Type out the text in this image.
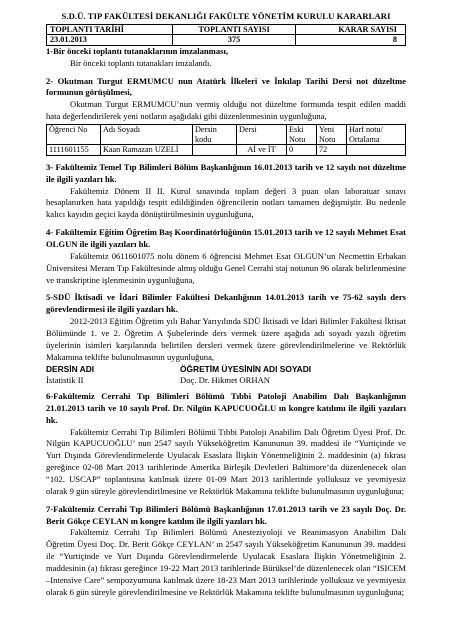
S.D.Ü. TIP FAKÜLTESİ DEKANLIĞI FAKÜLTE YÖNETİM KURULU KARARLARI
TOPLANTI TARİHİ	TOPLANTI SAYISI	KARAR SAYISI
23.01.2013	375	8

1-Bir önceki toplantı tutanaklarının imzalanması,

Bir önceki toplantı tutanakları imzalandı.

2- Okutman Turgut ERMUMCU nun Atatürk İlkeleri ve İnkılap Tarihi Dersi not düzeltme formunun görüşülmesi,

Okutman Turgut ERMUMCU’nun vermiş olduğu not düzeltme formunda tespit edilen maddi hata değerlendirilerek yeni notların aşağıdaki gibi düzenlenmesinin uygunluğuna,

Öğrenci No	Adı Soyadı	Dersin kodu	Dersi	Eski Notu	Yeni Notu	Harf notu/ Ortalama
1111601155	Kaan Ramazan UZELİ		Aİ ve İT	0	72	

3- Fakültemiz Temel Tıp Bilimleri Bölüm Başkanlığının 16.01.2013 tarih ve 12 sayılı not düzeltme ile ilgili yazıları hk.

Fakültemiz Dönem II II. Kurul sınavında toplam değeri 3 puan olan laboratuar sınavı hesaplanırken hata yapıldığı tespit edildiğinden öğrencilerin notları tamamen değişmiştir. Bu nedenle kalıcı kayıdın geçici kayda dönüştürülmesinin uygunluğuna,

4- Fakültemiz Eğitim Öğretim Baş Koordinatörlüğünün 15.01.2013 tarih ve 12 sayılı Mehmet Esat OLGUN ile ilgili yazıları hk.

Fakültemiz 0611601075 nolu dönem 6 öğrencisi Mehmet Esat OLGUN’un Necmettin Erbakan Üniversitesi Meram Tıp Fakültesinde almış olduğu Genel Cerrahi staj notunun 96 olarak belirlenmesine ve transkriptine işlenmesinin uygunluğuna,

5-SDÜ İktisadi ve İdari Bilimler Fakültesi Dekanlığının 14.01.2013 tarih ve 75-62 sayılı ders görevlendirmesi ile ilgili yazıları hk.

2012-2013 Eğitim Öğretim yılı Bahar Yarıyılında SDÜ İktisadi ve İdari Bilimler Fakültesi İktisat Bölümünde 1. ve 2. Öğretim A Şubelerinde ders vermek üzere aşağıda adı soyadı yazılı öğretim üyelerinin isimleri karşılarında belirtilen dersleri vermek üzere görevlendirilmelerine ve Rektörlük Makamına teklifte bulunulmasının uygunluğuna,

DERSİN ADI	ÖĞRETİM ÜYESİNİN ADI SOYADI
İstatistik II	Doç. Dr. Hikmet ORHAN

6-Fakültemiz Cerrahi Tıp Bilimleri Bölümü Tıbbi Patoloji Anabilim Dalı Başkanlığının 21.01.2013 tarih ve 10 sayılı Prof. Dr. Nilgün KAPUCUOĞLU ın kongre katılımı ile ilgili yazıları hk.

Fakültemiz Cerrahi Tıp Bilimleri Bölümü Tıbbi Patoloji Anabilim Dalı Öğretim Üyesi Prof. Dr. Nilgün KAPUCUOĞLU’ nun 2547 sayılı Yükseköğretim Kanununun 39. maddesi ile “Yurtiçinde ve Yurt Dışında Görevlendirmelerde Uyulacak Esaslara İlişkin Yönetmeliğinin 2. maddesinin (a) fıkrası gereğince 02-08 Mart 2013 tarihlerinde Amerika Birleşik Devletleri Baltimore’da düzenlenecek olan “102. USCAP” toplantısına katılmak üzere 01-09 Mart 2013 tarihlerinde yolluksuz ve yevmiyesiz olarak 9 gün süreyle görevlendirilmesine ve Rektörlük Makamına teklifte bulunulmasının uygunluğuna;

7-Fakültemiz Cerrahi Tıp Bilimleri Bölümü Başkanlığının 17.01.2013 tarih ve 23 sayılı Doç. Dr. Berit Gökçe CEYLAN ın kongre katılım ile ilgili yazıları hk.

Fakültemiz Cerrahi Tıp Bilimleri Bölümü Anesteziyoloji ve Reanimasyon Anabilim Dalı Öğretim Üyesi Doç. Dr. Berit Gökçe CEYLAN’ ın 2547 sayılı Yükseköğretim Kanununun 39. maddesi ile “Yurtiçinde ve Yurt Dışında Görevlendirmelerde Uyulacak Esaslara İlişkin Yönetmeliğinin 2. maddesinin (a) fıkrası gereğince 19-22 Mart 2013 tarihlerinde Bürüksel’de düzenlenecek olan “ISICEM –Intensive Care” sempozyumuna katılmak üzere 18-23 Mart 2013 tarihlerinde yolluksuz ve yevmiyesiz olarak 6 gün süreyle görevlendirilmesine ve Rektörlük Makamına teklifte bulunulmasının uygunluğuna;
